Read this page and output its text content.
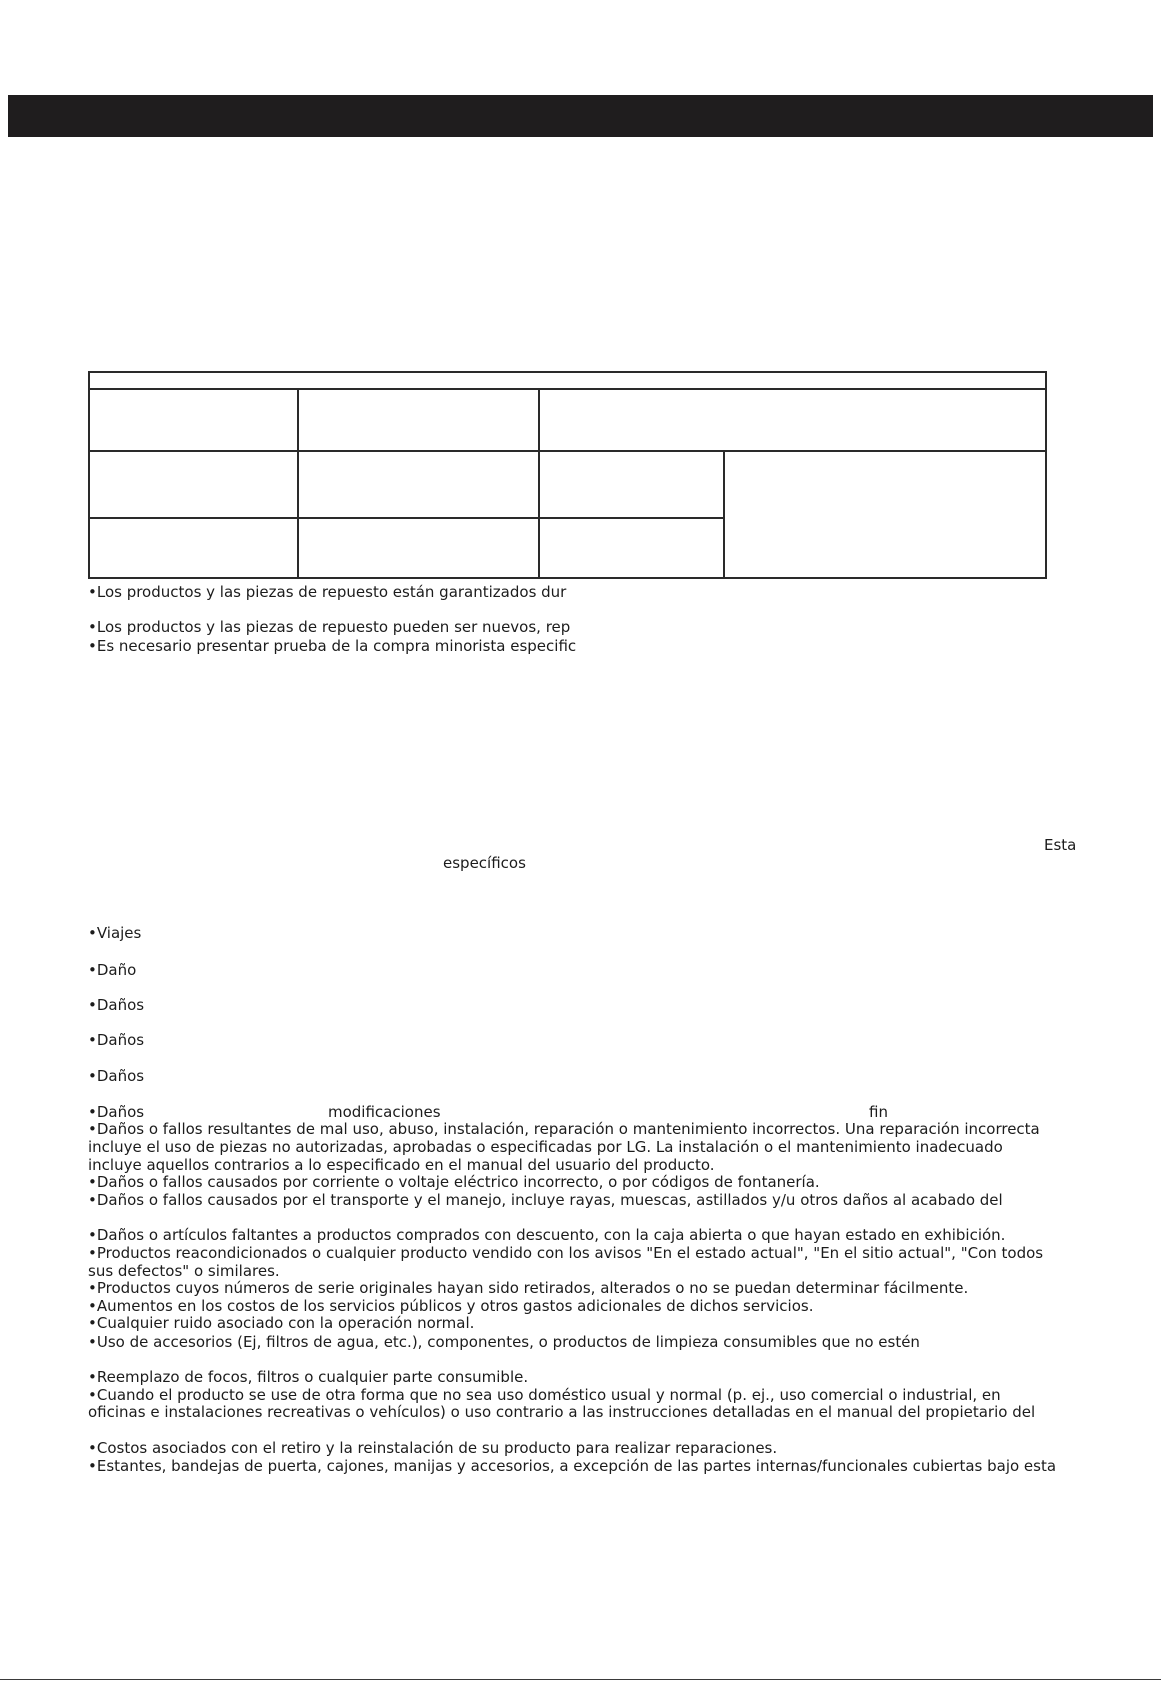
•Los productos y las piezas de repuesto están garantizados dur
•Los productos y las piezas de repuesto pueden ser nuevos, rep
•Es necesario presentar prueba de la compra minorista especific
Esta
específicos
•Viajes
•Daño
•Daños
•Daños
•Daños
•Daños	modificaciones	fin
•Daños o fallos resultantes de mal uso, abuso, instalación, reparación o mantenimiento incorrectos. Una reparación incorrecta
incluye el uso de piezas no autorizadas, aprobadas o especificadas por LG. La instalación o el mantenimiento inadecuado
incluye aquellos contrarios a lo especificado en el manual del usuario del producto.
•Daños o fallos causados por corriente o voltaje eléctrico incorrecto, o por códigos de fontanería.
•Daños o fallos causados por el transporte y el manejo, incluye rayas, muescas, astillados y/u otros daños al acabado del
•Daños o artículos faltantes a productos comprados con descuento, con la caja abierta o que hayan estado en exhibición.
•Productos reacondicionados o cualquier producto vendido con los avisos "En el estado actual", "En el sitio actual", "Con todos
sus defectos" o similares.
•Productos cuyos números de serie originales hayan sido retirados, alterados o no se puedan determinar fácilmente.
•Aumentos en los costos de los servicios públicos y otros gastos adicionales de dichos servicios.
•Cualquier ruido asociado con la operación normal.
•Uso de accesorios (Ej, filtros de agua, etc.), componentes, o productos de limpieza consumibles que no estén
•Reemplazo de focos, filtros o cualquier parte consumible.
•Cuando el producto se use de otra forma que no sea uso doméstico usual y normal (p. ej., uso comercial o industrial, en
oficinas e instalaciones recreativas o vehículos) o uso contrario a las instrucciones detalladas en el manual del propietario del
•Costos asociados con el retiro y la reinstalación de su producto para realizar reparaciones.
•Estantes, bandejas de puerta, cajones, manijas y accesorios, a excepción de las partes internas/funcionales cubiertas bajo esta
